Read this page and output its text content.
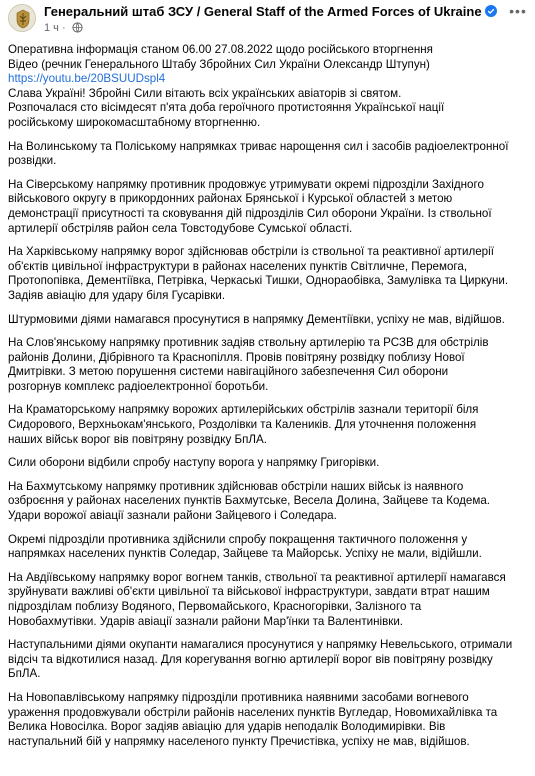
Генеральний штаб ЗСУ / General Staff of the Armed Forces of Ukraine
1 ч ·
•••

Оперативна інформація станом 06.00 27.08.2022 щодо російського вторгнення

Відео (речник Генерального Штабу Збройних Сил України Олександр Штупун)

https://youtu.be/20BSUUDspl4

Слава Україні! Збройні Сили вітають всіх українських авіаторів зі святом.

Розпочалася сто вісімдесят п'ята доба героїчного протистояння Української нації

російському широкомасштабному вторгненню.

На Волинському та Поліському напрямках триває нарощення сил і засобів радіоелектронної

розвідки.

На Сіверському напрямку противник продовжує утримувати окремі підрозділи Західного

військового округу в прикордонних районах Брянської і Курської областей з метою

демонстрації присутності та сковування дій підрозділів Сил оборони України. Із ствольної

артилерії обстріляв район села Товстодубове Сумської області.

На Харківському напрямку ворог здійснював обстріли із ствольної та реактивної артилерії

об'єктів цивільної інфраструктури в районах населених пунктів Світличне, Перемога,

Протопопівка, Дементіївка, Петрівка, Черкаські Тишки, Однораобівка, Замулівка та Циркуни.

Задіяв авіацію для удару біля Гусарівки.

Штурмовими діями намагався просунутися в напрямку Дементіївки, успіху не мав, відійшов.

На Слов'янському напрямку противник задіяв ствольну артилерію та РСЗВ для обстрілів

районів Долини, Дібрівного та Краснопілля. Провів повітряну розвідку поблизу Нової

Дмитрівки. З метою порушення системи навігаційного забезпечення Сил оборони

розгорнув комплекс радіоелектронної боротьби.

На Краматорському напрямку ворожих артилерійських обстрілів зазнали території біля

Сидорового, Верхньокам'янського, Роздолівки та Калеників. Для уточнення положення

наших військ ворог вів повітряну розвідку БпЛА.

Сили оборони відбили спробу наступу ворога у напрямку Григорівки.

На Бахмутському напрямку противник здійснював обстріли наших військ із наявного

озброєння у районах населених пунктів Бахмутське, Весела Долина, Зайцеве та Кодема.

Удари ворожої авіації зазнали райони Зайцевого і Соледара.

Окремі підрозділи противника здійснили спробу покращення тактичного положення у

напрямках населених пунктів Соледар, Зайцеве та Майорськ. Успіху не мали, відійшли.

На Авдіївському напрямку ворог вогнем танків, ствольної та реактивної артилерії намагався

зруйнувати важливі об'єкти цивільної та військової інфраструктури, завдати втрат нашим

підрозділам поблизу Водяного, Первомайського, Красногорівки, Залізного та

Новобахмутівки. Ударів авіації зазнали райони Мар'їнки та Валентинівки.

Наступальними діями окупанти намагалися просунутися у напрямку Невельського, отримали

відсіч та відкотилися назад. Для корегування вогню артилерії ворог вів повітряну розвідку

БпЛА.

На Новопавлівському напрямку підрозділи противника наявними засобами вогневого

ураження продовжували обстріли районів населених пунктів Вугледар, Новомихайлівка та

Велика Новосілка. Ворог задіяв авіацію для ударів неподалік Володимирівки. Вів

наступальний бій у напрямку населеного пункту Пречистівка, успіху не мав, відійшов.
